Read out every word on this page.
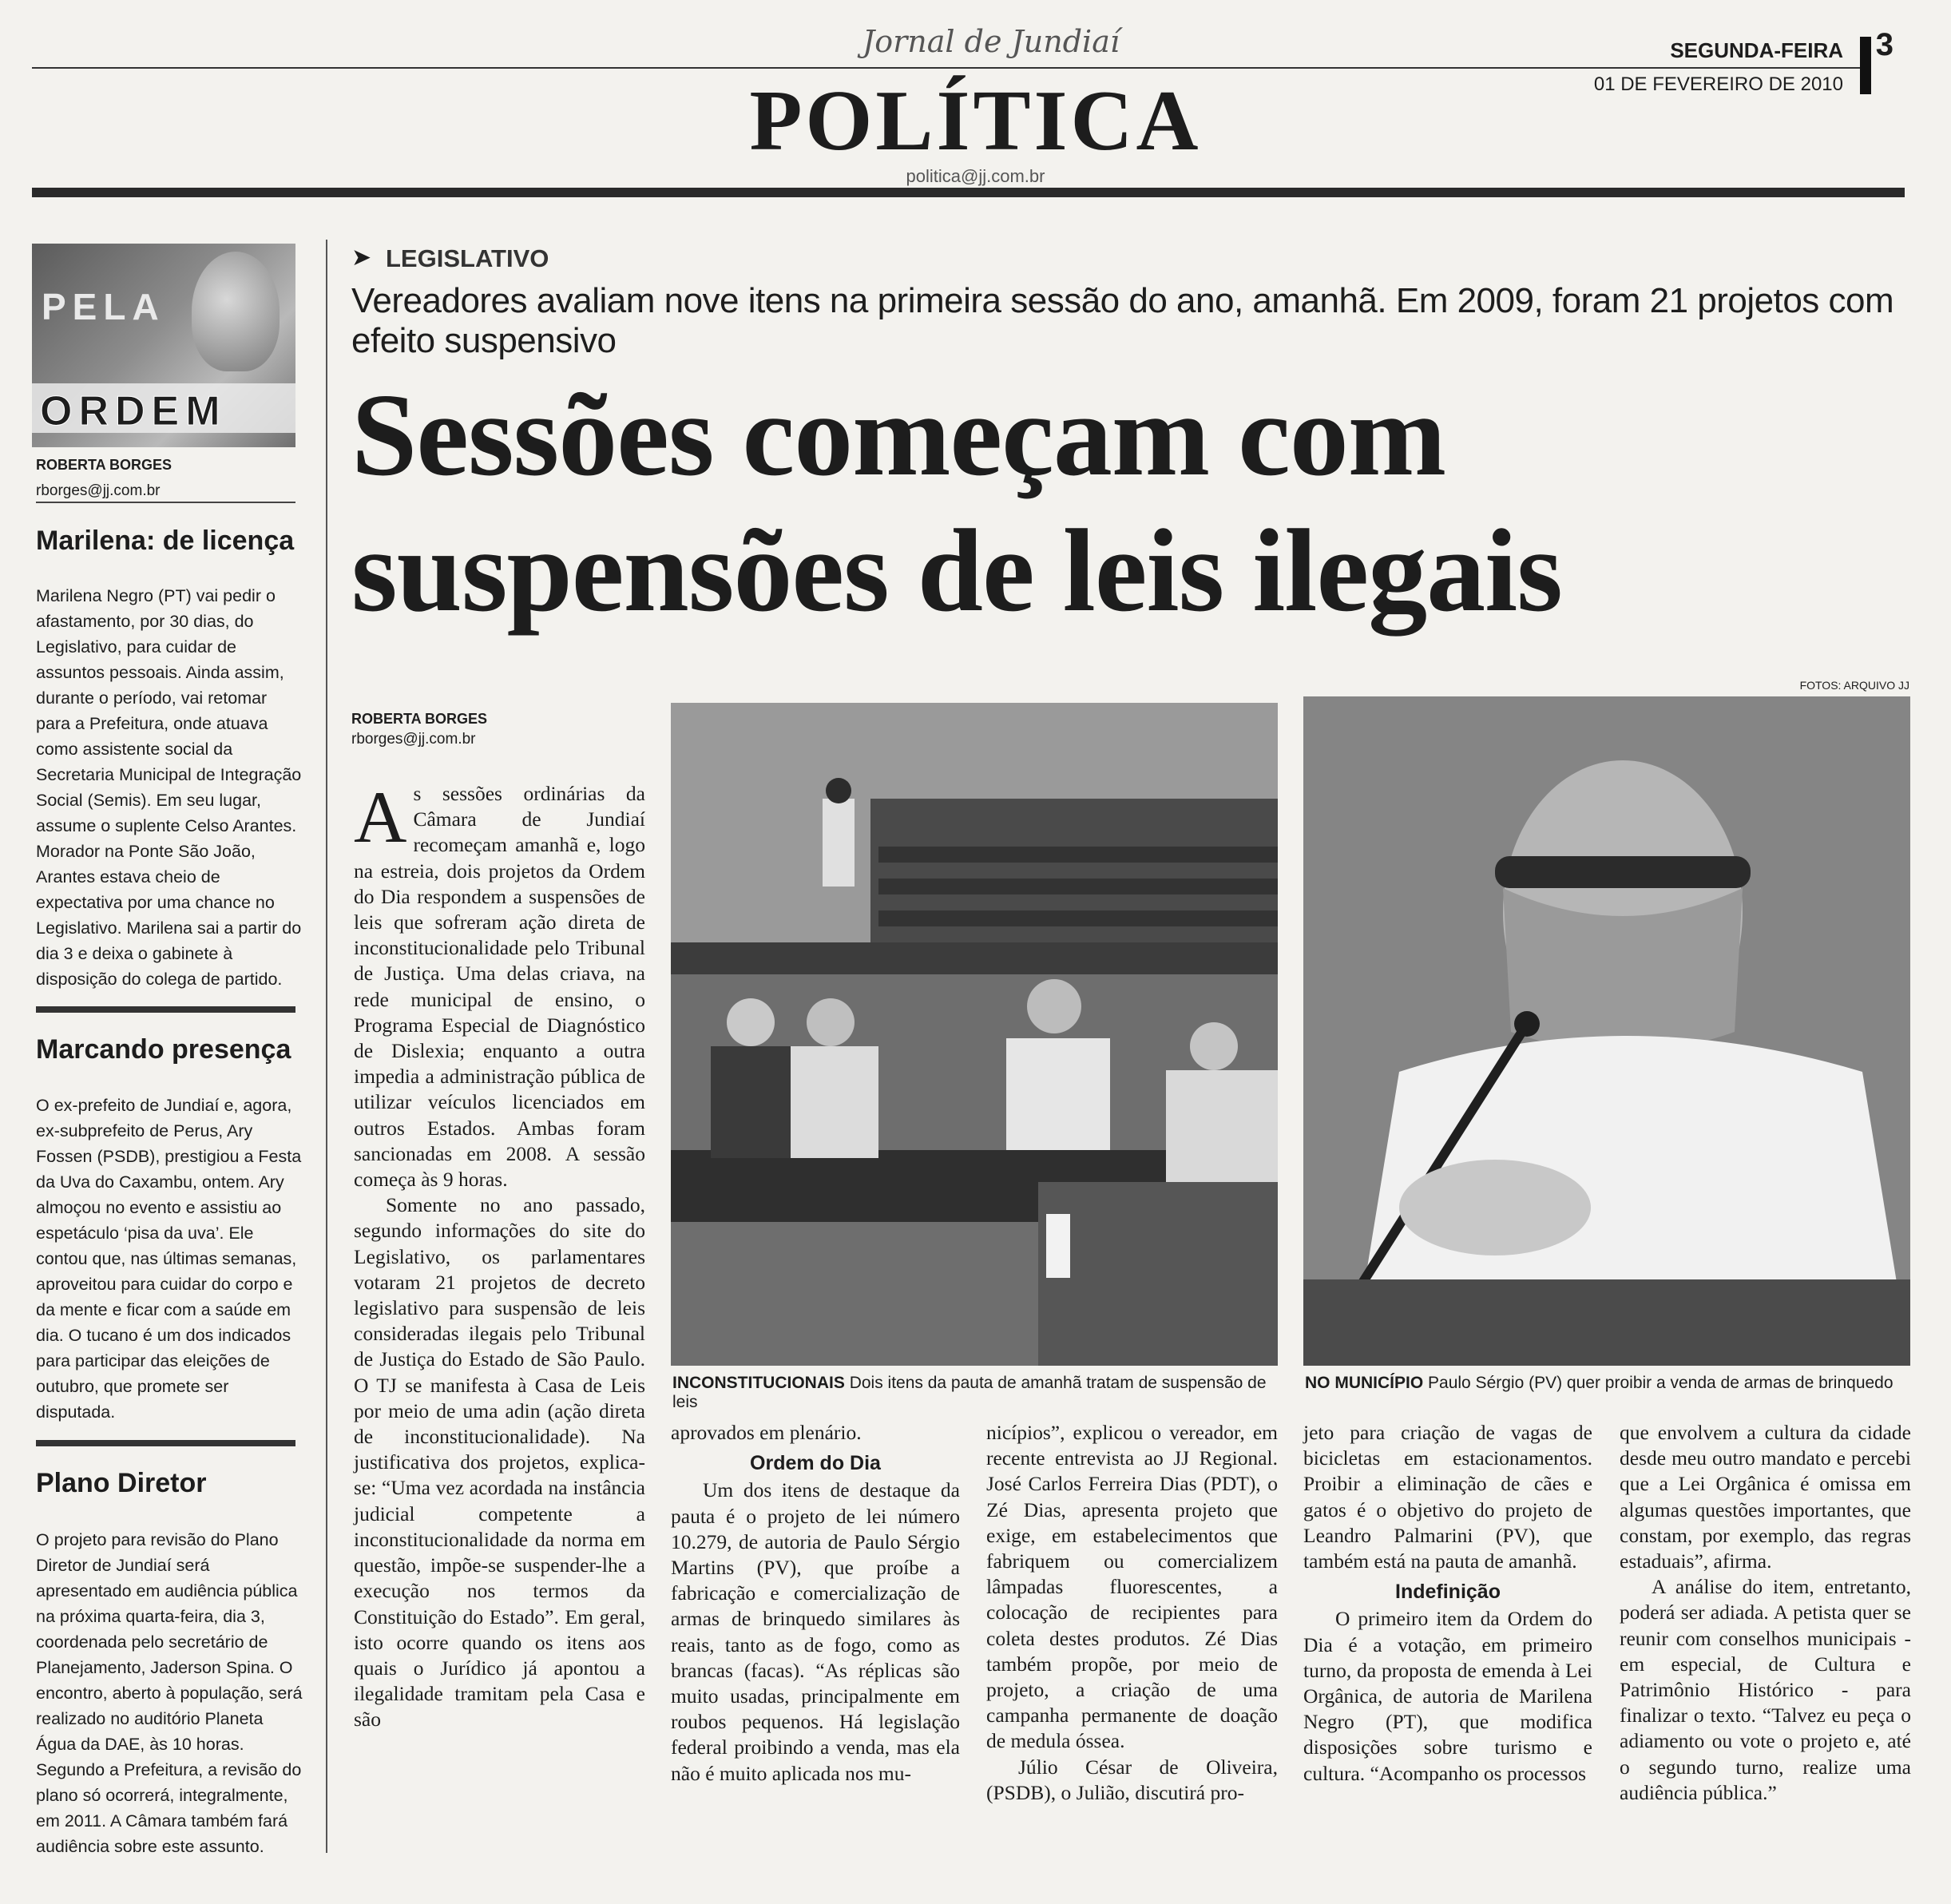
Jornal de Jundiaí	SEGUNDA-FEIRA 3
01 DE FEVEREIRO DE 2010
POLÍTICA
politica@jj.com.br
PELA
ORDEM
ROBERTA BORGES
rborges@jj.com.br
Marilena: de licença
Marilena Negro (PT) vai pedir o afastamento, por 30 dias, do Legislativo, para cuidar de assuntos pessoais. Ainda assim, durante o período, vai retomar para a Prefeitura, onde atuava como assistente social da Secretaria Municipal de Integração Social (Semis). Em seu lugar, assume o suplente Celso Arantes. Morador na Ponte São João, Arantes estava cheio de expectativa por uma chance no Legislativo. Marilena sai a partir do dia 3 e deixa o gabinete à disposição do colega de partido.
Marcando presença
O ex-prefeito de Jundiaí e, agora, ex-subprefeito de Perus, Ary Fossen (PSDB), prestigiou a Festa da Uva do Caxambu, ontem. Ary almoçou no evento e assistiu ao espetáculo ‘pisa da uva’. Ele contou que, nas últimas semanas, aproveitou para cuidar do corpo e da mente e ficar com a saúde em dia. O tucano é um dos indicados para participar das eleições de outubro, que promete ser disputada.
Plano Diretor
O projeto para revisão do Plano Diretor de Jundiaí será apresentado em audiência pública na próxima quarta-feira, dia 3, coordenada pelo secretário de Planejamento, Jaderson Spina. O encontro, aberto à população, será realizado no auditório Planeta Água da DAE, às 10 horas. Segundo a Prefeitura, a revisão do plano só ocorrerá, integralmente, em 2011. A Câmara também fará audiência sobre este assunto.
➤ LEGISLATIVO
Vereadores avaliam nove itens na primeira sessão do ano, amanhã. Em 2009, foram 21 projetos com efeito suspensivo
Sessões começam com
suspensões de leis ilegais
ROBERTA BORGES
rborges@jj.com.br
FOTOS: ARQUIVO JJ
INCONSTITUCIONAIS Dois itens da pauta de amanhã tratam de suspensão de leis
NO MUNICÍPIO Paulo Sérgio (PV) quer proibir a venda de armas de brinquedo

As sessões ordinárias da Câmara de Jundiaí recomeçam amanhã e, logo na estreia, dois projetos da Ordem do Dia respondem a suspensões de leis que sofreram ação direta de inconstitucionalidade pelo Tribunal de Justiça. Uma delas criava, na rede municipal de ensino, o Programa Especial de Diagnóstico de Dislexia; enquanto a outra impedia a administração pública de utilizar veículos licenciados em outros Estados. Ambas foram sancionadas em 2008. A sessão começa às 9 horas.

Somente no ano passado, segundo informações do site do Legislativo, os parlamentares votaram 21 projetos de decreto legislativo para suspensão de leis consideradas ilegais pelo Tribunal de Justiça do Estado de São Paulo. O TJ se manifesta à Casa de Leis por meio de uma adin (ação direta de inconstitucionalidade). Na justificativa dos projetos, explica-se: “Uma vez acordada na instância judicial competente a inconstitucionalidade da norma em questão, impõe-se suspender-lhe a execução nos termos da Constituição do Estado”. Em geral, isto ocorre quando os itens aos quais o Jurídico já apontou a ilegalidade tramitam pela Casa e são

aprovados em plenário.

Ordem do Dia

Um dos itens de destaque da pauta é o projeto de lei número 10.279, de autoria de Paulo Sérgio Martins (PV), que proíbe a fabricação e comercialização de armas de brinquedo similares às reais, tanto as de fogo, como as brancas (facas). “As réplicas são muito usadas, principalmente em roubos pequenos. Há legislação federal proibindo a venda, mas ela não é muito aplicada nos mu-

nicípios”, explicou o vereador, em recente entrevista ao JJ Regional. José Carlos Ferreira Dias (PDT), o Zé Dias, apresenta projeto que exige, em estabelecimentos que fabriquem ou comercializem lâmpadas fluorescentes, a colocação de recipientes para coleta destes produtos. Zé Dias também propõe, por meio de projeto, a criação de uma campanha permanente de doação de medula óssea.

Júlio César de Oliveira, (PSDB), o Julião, discutirá pro-

jeto para criação de vagas de bicicletas em estacionamentos. Proibir a eliminação de cães e gatos é o objetivo do projeto de Leandro Palmarini (PV), que também está na pauta de amanhã.

Indefinição

O primeiro item da Ordem do Dia é a votação, em primeiro turno, da proposta de emenda à Lei Orgânica, de autoria de Marilena Negro (PT), que modifica disposições sobre turismo e cultura. “Acompanho os processos

que envolvem a cultura da cidade desde meu outro mandato e percebi que a Lei Orgânica é omissa em algumas questões importantes, que constam, por exemplo, das regras estaduais”, afirma.

A análise do item, entretanto, poderá ser adiada. A petista quer se reunir com conselhos municipais - em especial, de Cultura e Patrimônio Histórico - para finalizar o texto. “Talvez eu peça o adiamento ou vote o projeto e, até o segundo turno, realize uma audiência pública.”
